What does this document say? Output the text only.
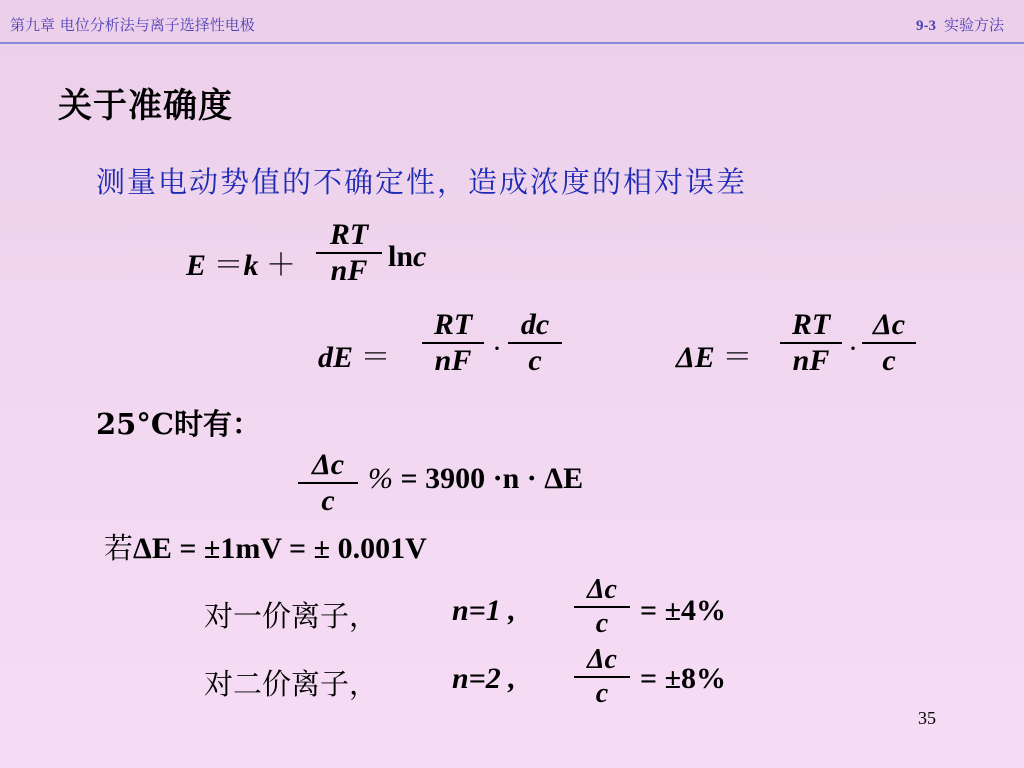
第九章 电位分析法与离子选择性电极	9-3 实验方法
关于准确度
测量电动势值的不确定性，造成浓度的相对误差
E ＝k ＋
RT
nF lnc
dE ＝
RT
nF ·
dc
c	ΔE ＝
RT
nF ·
Δc
c
25°C时有：
Δc
c
% = 3900 ·n · ΔE
若ΔE = ±1mV = ± 0.001V
对一价离子， n=1 ,
Δc
c	= ±4%
对二价离子， n=2 ,
Δc
c	= ±8%
35
